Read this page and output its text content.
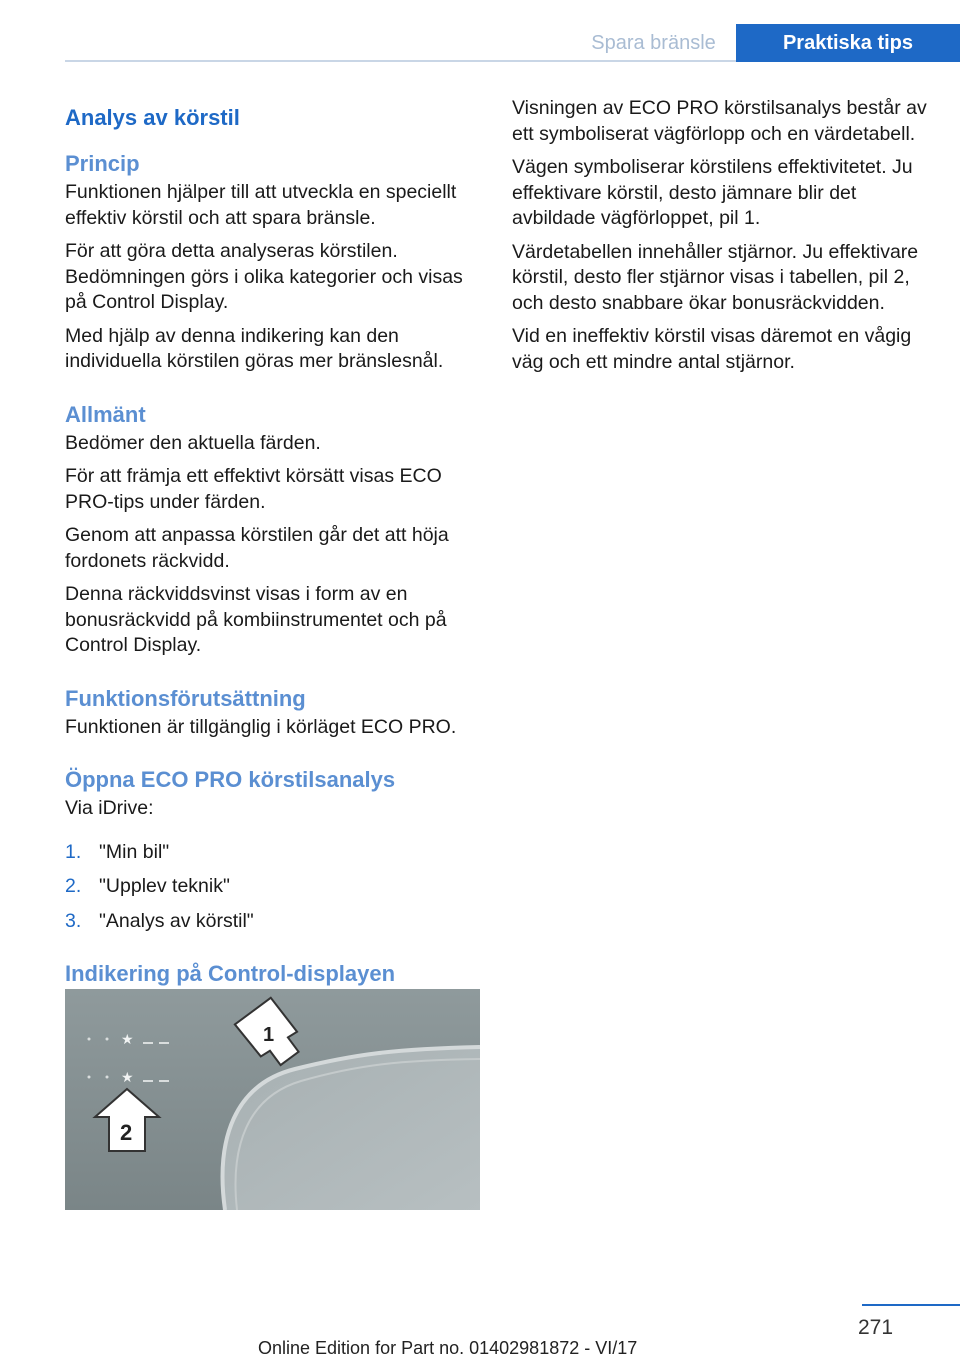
Spara bränsle	Praktiska tips
Analys av körstil
Princip

Funktionen hjälper till att utveckla en speciellt effektiv körstil och att spara bränsle.

För att göra detta analyseras körstilen. Bedömningen görs i olika kategorier och visas på Control Display.

Med hjälp av denna indikering kan den individuella körstilen göras mer bränslesnål.

Allmänt

Bedömer den aktuella färden.

För att främja ett effektivt körsätt visas ECO PRO-tips under färden.

Genom att anpassa körstilen går det att höja fordonets räckvidd.

Denna räckviddsvinst visas i form av en bonusräckvidd på kombiinstrumentet och på Control Display.

Funktionsförutsättning

Funktionen är tillgänglig i körläget ECO PRO.

Öppna ECO PRO körstilsanalys

Via iDrive:

1. "Min bil"
2. "Upplev teknik"
3. "Analys av körstil"
Indikering på Control-displayen
★
★
1
2

Visningen av ECO PRO körstilsanalys består av ett symboliserat vägförlopp och en värdetabell.

Vägen symboliserar körstilens effektivitetet. Ju effektivare körstil, desto jämnare blir det avbildade vägförloppet, pil 1.

Värdetabellen innehåller stjärnor. Ju effektivare körstil, desto fler stjärnor visas i tabellen, pil 2, och desto snabbare ökar bonusräckvidden.

Vid en ineffektiv körstil visas däremot en vågig väg och ett mindre antal stjärnor.

271
Online Edition for Part no. 01402981872 - VI/17
